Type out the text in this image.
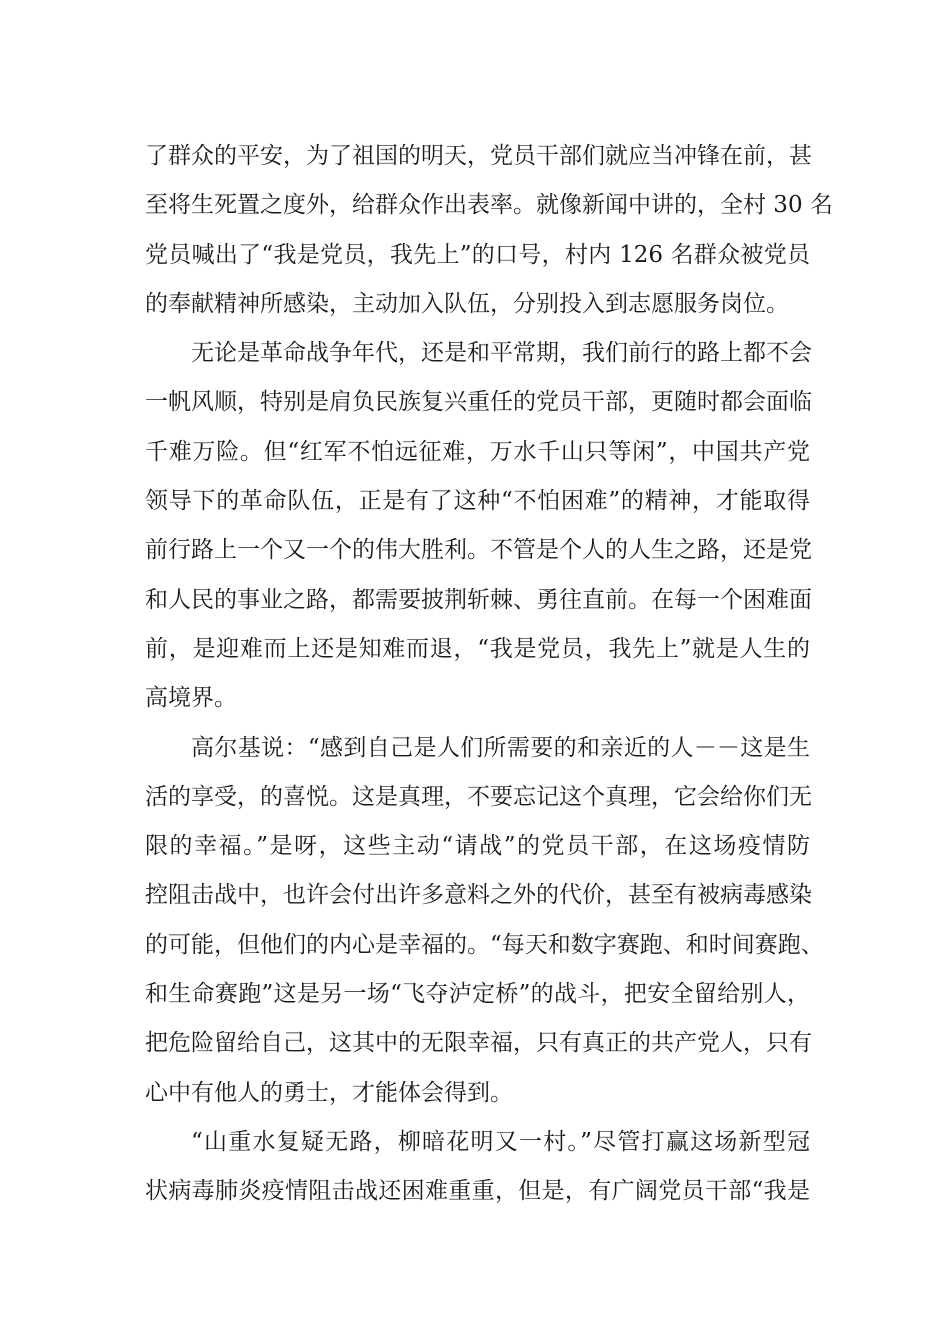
了群众的平安，为了祖国的明天，党员干部们就应当冲锋在前，甚
至将生死置之度外，给群众作出表率。就像新闻中讲的，全村 30 名
党员喊出了“我是党员，我先上”的口号，村内 126 名群众被党员
的奉献精神所感染，主动加入队伍，分别投入到志愿服务岗位。
无论是革命战争年代，还是和平常期，我们前行的路上都不会
一帆风顺，特别是肩负民族复兴重任的党员干部，更随时都会面临
千难万险。但“红军不怕远征难，万水千山只等闲”，中国共产党
领导下的革命队伍，正是有了这种“不怕困难”的精神，才能取得
前行路上一个又一个的伟大胜利。不管是个人的人生之路，还是党
和人民的事业之路，都需要披荆斩棘、勇往直前。在每一个困难面
前，是迎难而上还是知难而退，“我是党员，我先上”就是人生的
高境界。
高尔基说：“感到自己是人们所需要的和亲近的人－－这是生
活的享受，的喜悦。这是真理，不要忘记这个真理，它会给你们无
限的幸福。”是呀，这些主动“请战”的党员干部，在这场疫情防
控阻击战中，也许会付出许多意料之外的代价，甚至有被病毒感染
的可能，但他们的内心是幸福的。“每天和数字赛跑、和时间赛跑、
和生命赛跑”这是另一场“飞夺泸定桥”的战斗，把安全留给别人，
把危险留给自己，这其中的无限幸福，只有真正的共产党人，只有
心中有他人的勇士，才能体会得到。
“山重水复疑无路，柳暗花明又一村。”尽管打赢这场新型冠
状病毒肺炎疫情阻击战还困难重重，但是，有广阔党员干部“我是
